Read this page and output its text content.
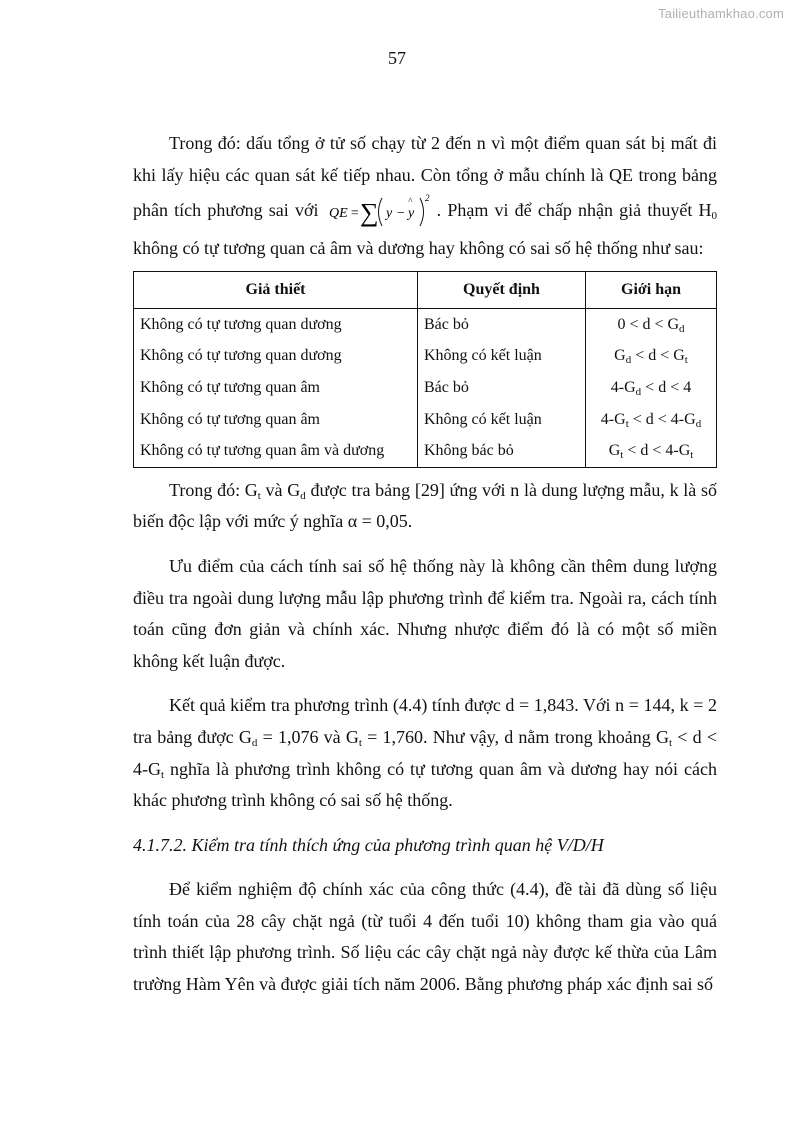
Tailieuthamkhao.com
57

Trong đó: dấu tổng ở tử số chạy từ 2 đến n vì một điểm quan sát bị mất đi khi lấy hiệu các quan sát kế tiếp nhau. Còn tổng ở mẫu chính là QE trong bảng phân tích phương sai với QE = ∑ y − y
^ 2
. Phạm vi để chấp nhận giả thuyết $H_0$ không có tự tương quan cả âm và dương hay không có sai số hệ thống như sau:

Giả thiết	Quyết định	Giới hạn
Không có tự tương quan dương	Bác bỏ	$0 < d < G_d$
Không có tự tương quan dương	Không có kết luận	$G_d < d < G_t$
Không có tự tương quan âm	Bác bỏ	$4-G_d < d < 4$
Không có tự tương quan âm	Không có kết luận	$4-G_t < d < 4-G_d$
Không có tự tương quan âm và dương	Không bác bỏ	$G_t < d < 4-G_t$

Trong đó: $G_t$ và $G_d$ được tra bảng [29] ứng với n là dung lượng mẫu, k là số biến độc lập với mức ý nghĩa α = 0,05.

Ưu điểm của cách tính sai số hệ thống này là không cần thêm dung lượng điều tra ngoài dung lượng mẫu lập phương trình để kiểm tra. Ngoài ra, cách tính toán cũng đơn giản và chính xác. Nhưng nhược điểm đó là có một số miền không kết luận được.

Kết quả kiểm tra phương trình (4.4) tính được d = 1,843. Với n = 144, k = 2 tra bảng được $G_d = 1,076$ và $G_t = 1,760$. Như vậy, d nằm trong khoảng $G_t < d < 4-G_t$ nghĩa là phương trình không có tự tương quan âm và dương hay nói cách khác phương trình không có sai số hệ thống.

4.1.7.2. Kiểm tra tính thích ứng của phương trình quan hệ V/D/H

Để kiểm nghiệm độ chính xác của công thức (4.4), đề tài đã dùng số liệu tính toán của 28 cây chặt ngả (từ tuổi 4 đến tuổi 10) không tham gia vào quá trình thiết lập phương trình. Số liệu các cây chặt ngả này được kế thừa của Lâm trường Hàm Yên và được giải tích năm 2006. Bằng phương pháp xác định sai số
